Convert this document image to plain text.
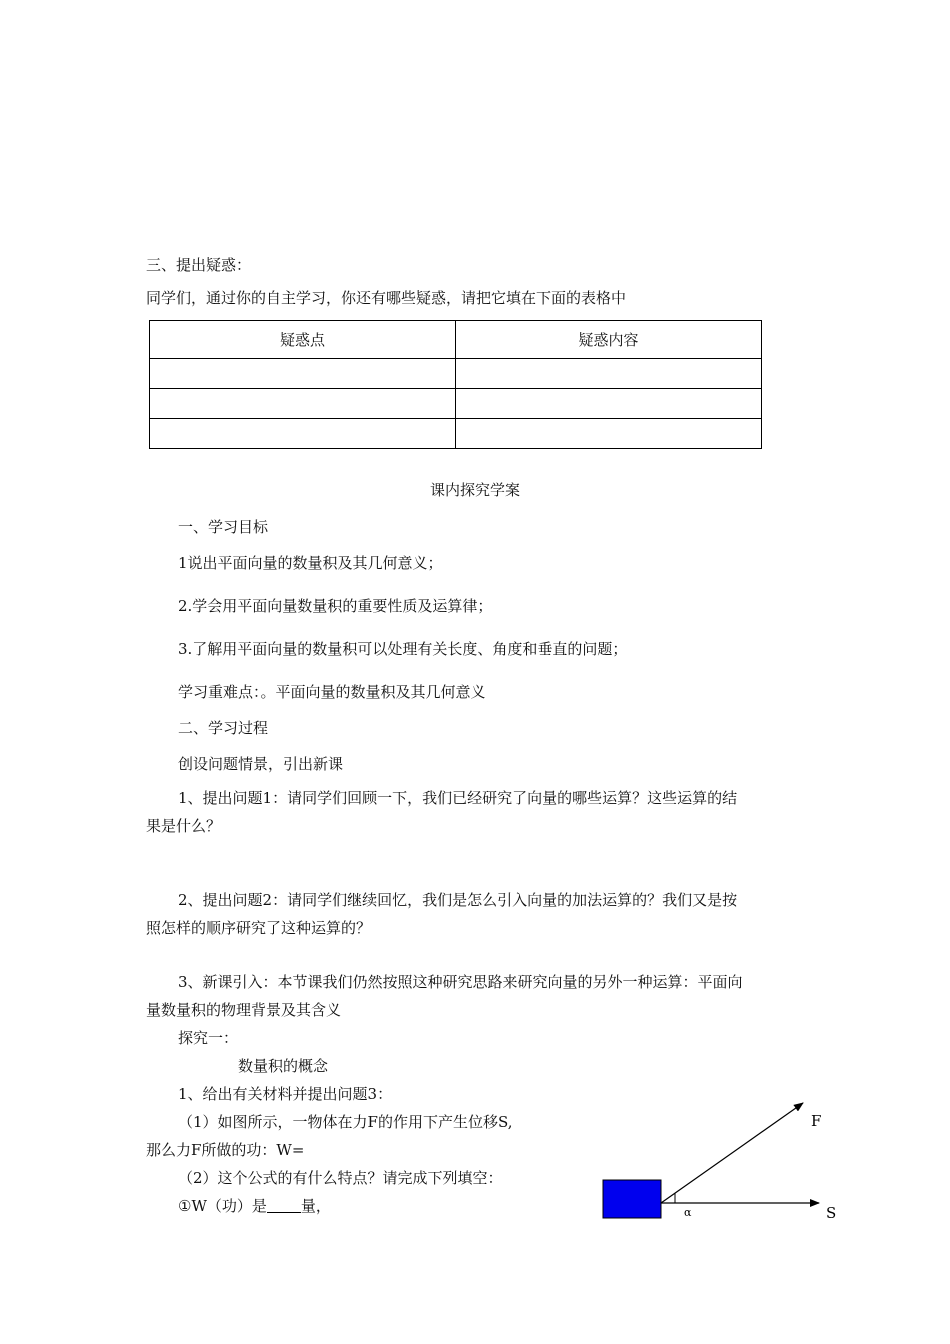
三、提出疑惑：
同学们，通过你的自主学习，你还有哪些疑惑，请把它填在下面的表格中
疑惑点	疑惑内容

课内探究学案
一、学习目标
1说出平面向量的数量积及其几何意义；
2.学会用平面向量数量积的重要性质及运算律；
3.了解用平面向量的数量积可以处理有关长度、角度和垂直的问题；
学习重难点：。平面向量的数量积及其几何意义
二、学习过程
创设问题情景，引出新课
1、提出问题1：请同学们回顾一下，我们已经研究了向量的哪些运算？这些运算的结
果是什么？
2、提出问题2：请同学们继续回忆，我们是怎么引入向量的加法运算的？我们又是按
照怎样的顺序研究了这种运算的？
3、新课引入：本节课我们仍然按照这种研究思路来研究向量的另外一种运算：平面向
量数量积的物理背景及其含义
探究一：
数量积的概念
1、给出有关材料并提出问题3：
（1）如图所示，一物体在力F的作用下产生位移S,
那么力F所做的功：W=
（2）这个公式的有什么特点？请完成下列填空：
①W（功）是 量，	α
F
S
